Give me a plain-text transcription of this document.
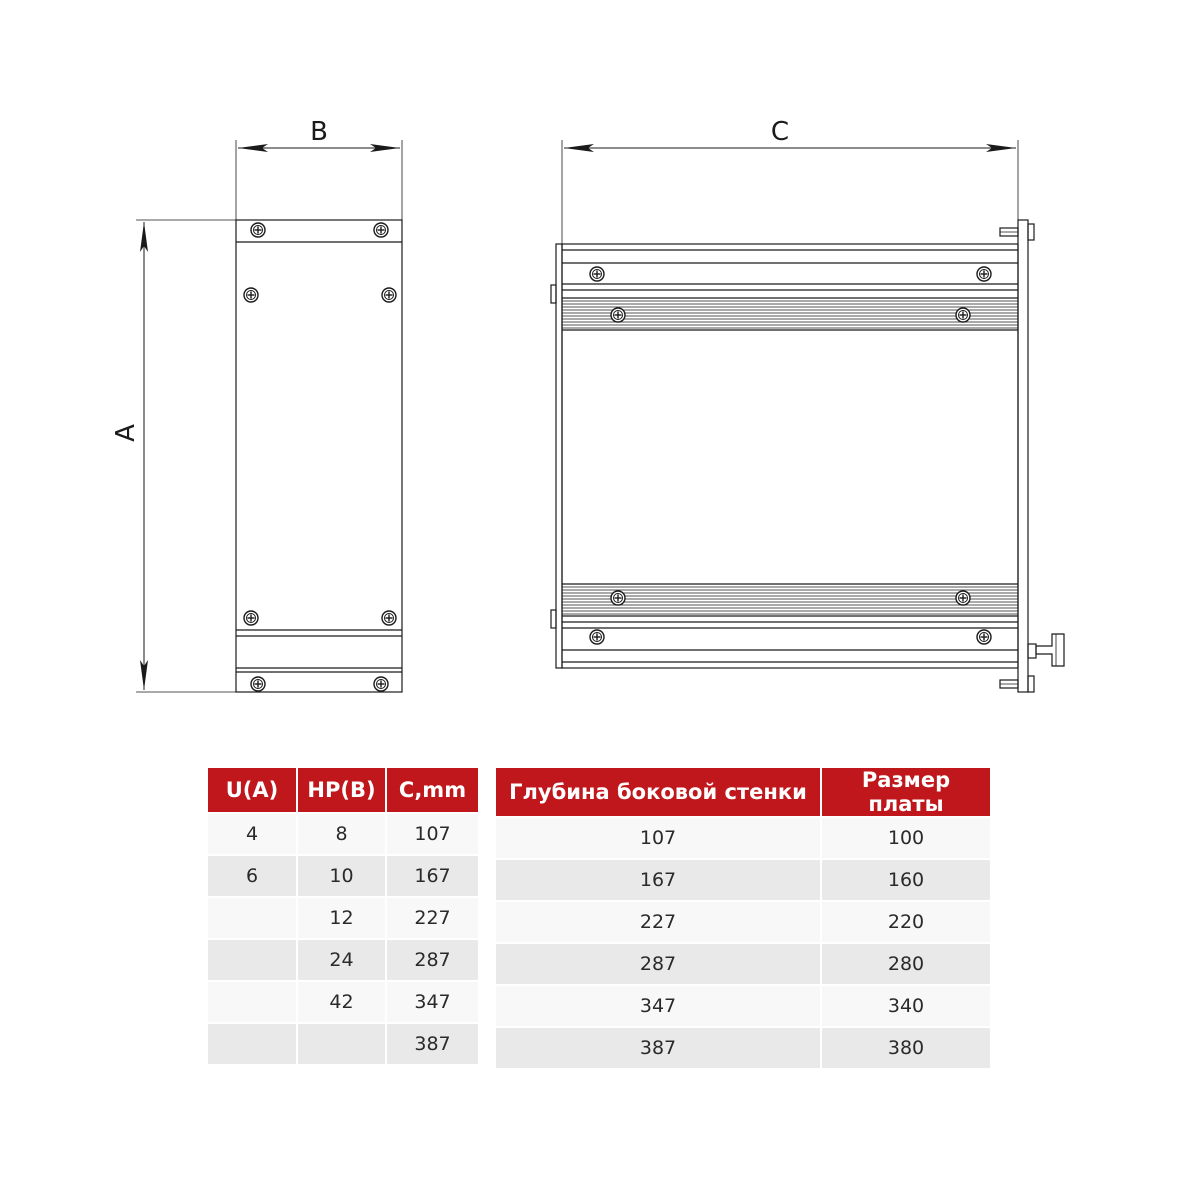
B
A
C
U(A)	HP(B)	C,mm
4	8	107
6	10	167
	12	227
	24	287
	42	347
		387
Глубина боковой стенки	Размер платы
107	100
167	160
227	220
287	280
347	340
387	380
